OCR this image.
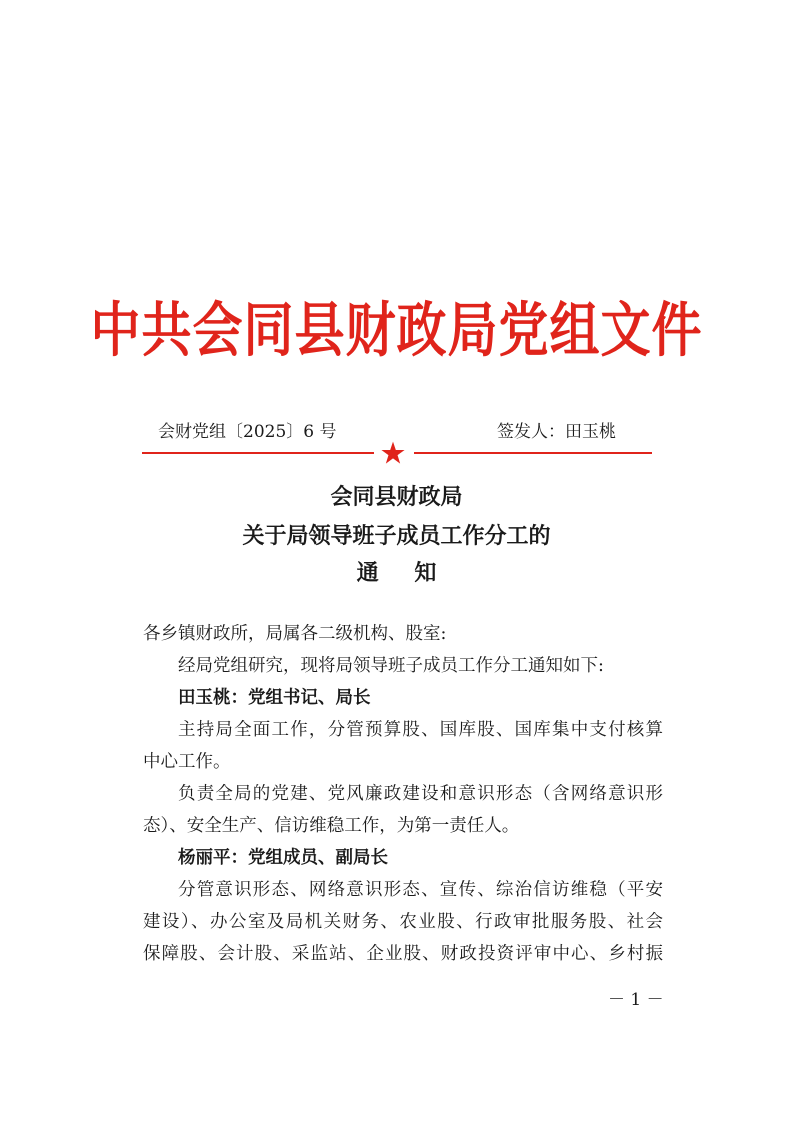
中共会同县财政局党组文件
会财党组〔2025〕6 号	签发人：田玉桃
会同县财政局
关于局领导班子成员工作分工的
通 知
各乡镇财政所，局属各二级机构、股室:
经局党组研究，现将局领导班子成员工作分工通知如下:
田玉桃：党组书记、局长
主持局全面工作，分管预算股、国库股、国库集中支付核算
中心工作。
负责全局的党建、党风廉政建设和意识形态（含网络意识形
态）、安全生产、信访维稳工作，为第一责任人。
杨丽平：党组成员、副局长
分管意识形态、网络意识形态、宣传、综治信访维稳（平安
建设）、办公室及局机关财务、农业股、行政审批服务股、社会
保障股、会计股、采监站、企业股、财政投资评审中心、乡村振
－ 1 －
